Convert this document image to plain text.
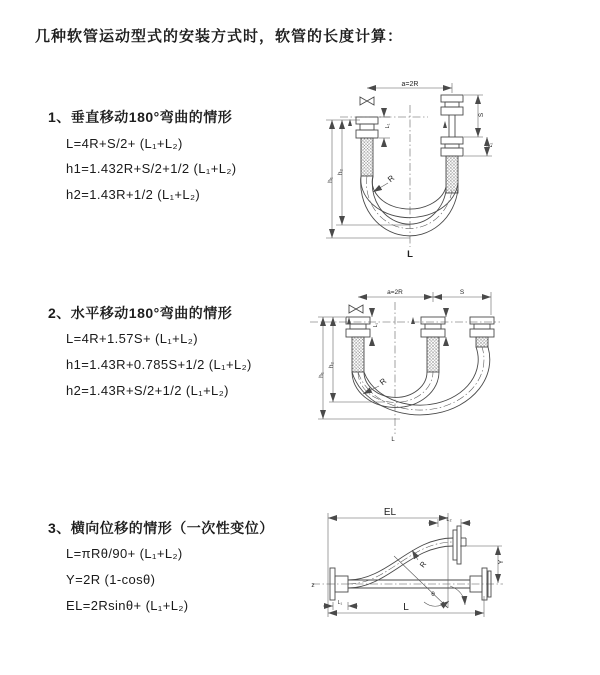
几种软管运动型式的安装方式时，软管的长度计算：
1、垂直移动180°弯曲的情形
L=4R+S/2+ (L₁+L₂)
h1=1.432R+S/2+1/2 (L₁+L₂)
h2=1.43R+1/2 (L₁+L₂)
2、水平移动180°弯曲的情形
L=4R+1.57S+ (L₁+L₂)
h1=1.43R+0.785S+1/2 (L₁+L₂)
h2=1.43R+S/2+1/2 (L₁+L₂)
3、横向位移的情形（一次性变位）
L=πRθ/90+ (L₁+L₂)
Y=2R (1-cosθ)
EL=2Rsinθ+ (L₁+L₂)
a=2R
h₁
h₂
L₁
S
L₂
R
L
a=2R	S
h₁
h₂
L₁
R
L
EL
L₂
Y
R
θ
L
L₁
z
